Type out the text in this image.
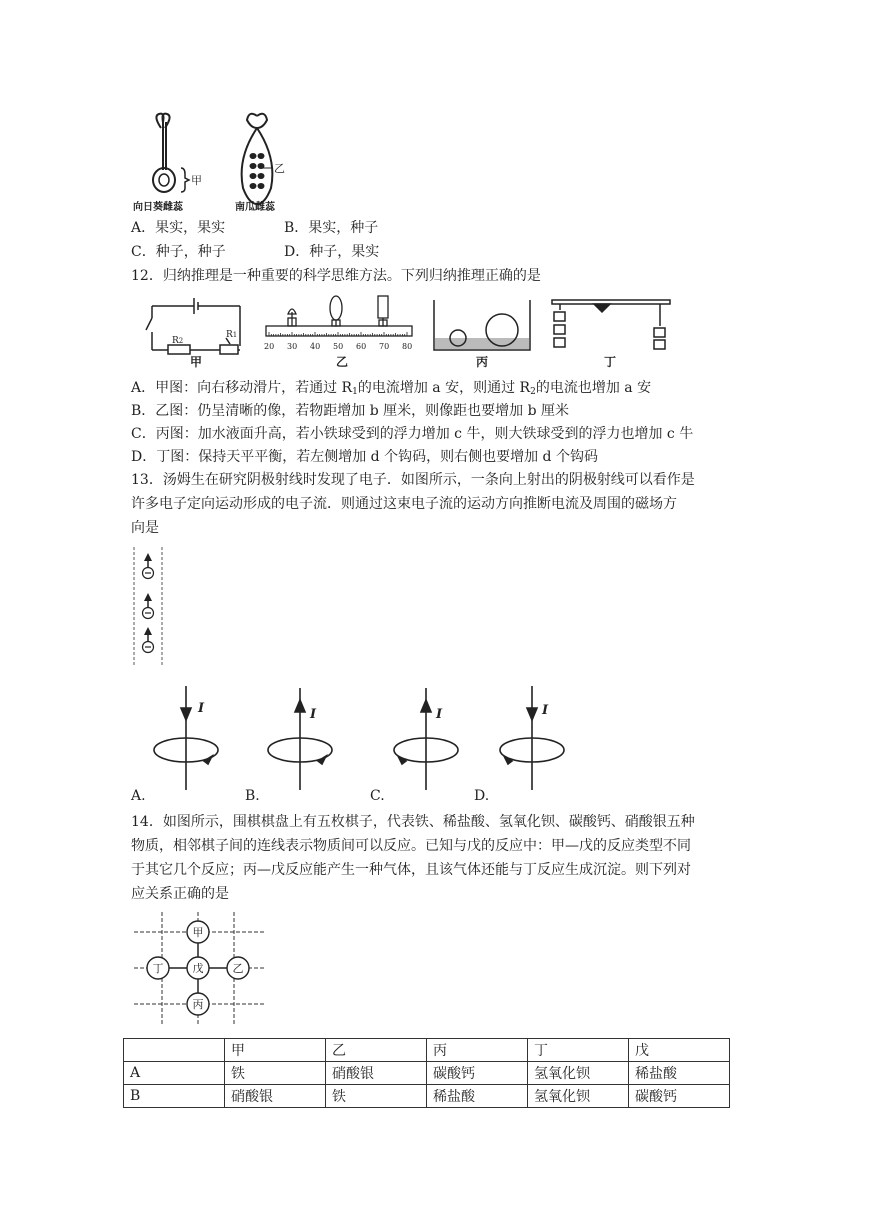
甲
向日葵雌蕊
乙
南瓜雌蕊
A．果实，果实	B．果实，种子
C．种子，种子	D．种子，果实
12．归纳推理是一种重要的科学思维方法。下列归纳推理正确的是
R2
R1
甲
20 30 40 50 60 70 80
乙	丙	丁
A．甲图：向右移动滑片，若通过 $R_1$的电流增加 a 安，则通过 $R_2$的电流也增加 a 安
B．乙图：仍呈清晰的像，若物距增加 b 厘米，则像距也要增加 b 厘米
C．丙图：加水液面升高，若小铁球受到的浮力增加 c 牛，则大铁球受到的浮力也增加 c 牛
D．丁图：保持天平平衡，若左侧增加 d 个钩码，则右侧也要增加 d 个钩码
13．汤姆生在研究阴极射线时发现了电子．如图所示，一条向上射出的阴极射线可以看作是
许多电子定向运动形成的电子流．则通过这束电子流的运动方向推断电流及周围的磁场方
向是
I	I	I	I
A.	B.	C.	D.
14．如图所示，围棋棋盘上有五枚棋子，代表铁、稀盐酸、氢氧化钡、碳酸钙、硝酸银五种
物质，相邻棋子间的连线表示物质间可以反应。已知与戊的反应中：甲—戊的反应类型不同
于其它几个反应；丙—戊反应能产生一种气体，且该气体还能与丁反应生成沉淀。则下列对
应关系正确的是
甲
丁	戊	乙
丙
	甲	乙	丙	丁	戊
A	铁	硝酸银	碳酸钙	氢氧化钡	稀盐酸
B	硝酸银	铁	稀盐酸	氢氧化钡	碳酸钙
